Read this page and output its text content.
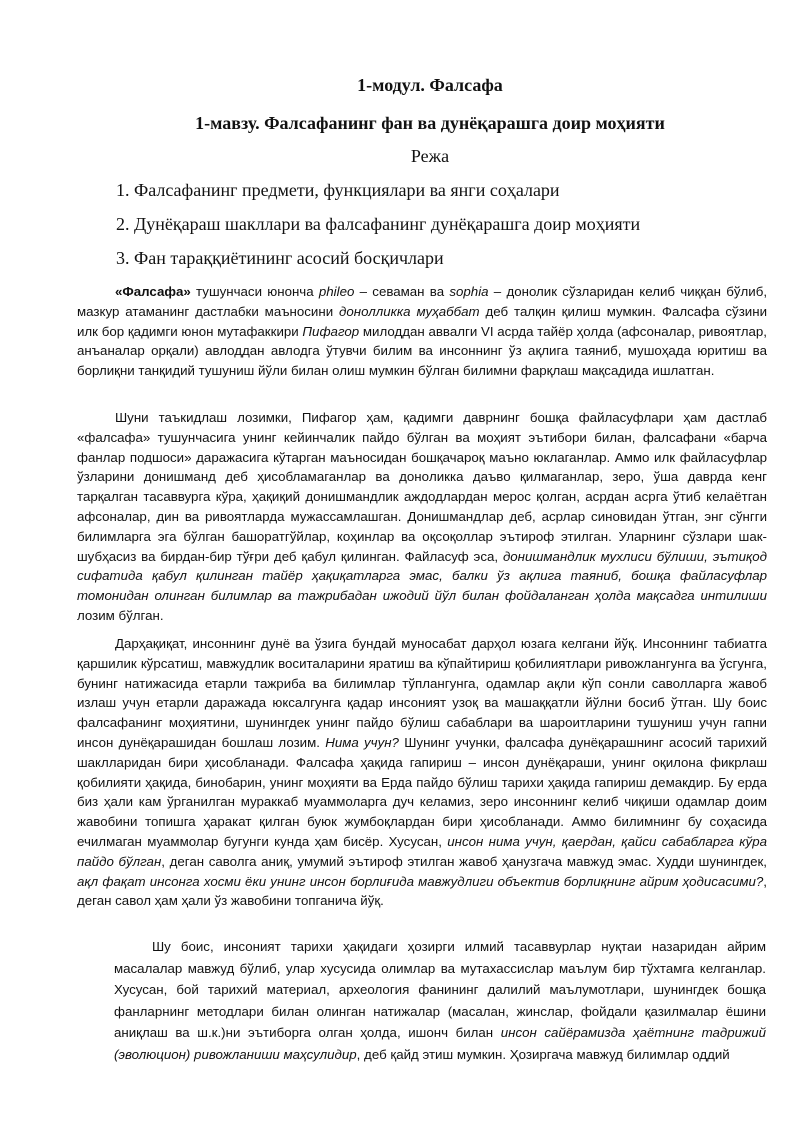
1-модул. Фалсафа
1-мавзу. Фалсафанинг фан ва дунёқарашга доир моҳияти
Режа
1. Фалсафанинг предмети, функциялари ва янги соҳалари
2. Дунёқараш шакллари ва фалсафанинг дунёқарашга доир моҳияти
3. Фан тараққиётининг асосий босқичлари

«Фалсафа» тушунчаси юнонча phileo – севаман ва sophia – донолик сўзларидан келиб чиққан бўлиб, мазкур атаманинг дастлабки маъносини донолликка муҳаббат деб талқин қилиш мумкин. Фалсафа сўзини илк бор қадимги юнон мутафаккири Пифагор милоддан аввалги VI асрда тайёр ҳолда (афсоналар, ривоятлар, анъаналар орқали) авлоддан авлодга ўтувчи билим ва инсоннинг ўз ақлига таяниб, мушоҳада юритиш ва борлиқни танқидий тушуниш йўли билан олиш мумкин бўлган билимни фарқлаш мақсадида ишлатган.

Шуни таъкидлаш лозимки, Пифагор ҳам, қадимги даврнинг бошқа файласуфлари ҳам дастлаб «фалсафа» тушунчасига унинг кейинчалик пайдо бўлган ва моҳият эътибори билан, фалсафани «барча фанлар подшоси» даражасига кўтарган маъносидан бошқачароқ маъно юклаганлар. Аммо илк файласуфлар ўзларини донишманд деб ҳисобламаганлар ва донoликка даъво қилмаганлар, зеро, ўша даврда кенг тарқалган тасаввурга кўра, ҳақиқий донишмандлик аждодлардан мерос қолган, асрдан асрга ўтиб келаётган афсоналар, дин ва ривоятларда мужассамлашган. Донишмандлар деб, асрлар синовидан ўтган, энг сўнгги билимларга эга бўлган башоратгўйлар, коҳинлар ва оқсоқоллар эътироф этилган. Уларнинг сўзлари шак-шубҳасиз ва бирдан-бир тўғри деб қабул қилинган. Файласуф эса, донишмандлик мухлиси бўлиши, эътиқод сифатида қабул қилинган тайёр ҳақиқатларга эмас, балки ўз ақлига таяниб, бошқа файласуфлар томонидан олинган билимлар ва тажрибадан ижодий йўл билан фойдаланган ҳолда мақсадга интилиши лозим бўлган.

Дарҳақиқат, инсоннинг дунё ва ўзига бундай муносабат дарҳол юзага келгани йўқ. Инсоннинг табиатга қаршилик кўрсатиш, мавжудлик воситаларини яратиш ва кўпайтириш қобилиятлари ривожлангунга ва ўсгунга, бунинг натижасида етарли тажриба ва билимлар тўплангунга, одамлар ақли кўп сонли саволларга жавоб излаш учун етарли даражада юксалгунга қадар инсоният узоқ ва машаққатли йўлни босиб ўтган. Шу боис фалсафанинг моҳиятини, шунингдек унинг пайдо бўлиш сабаблари ва шароитларини тушуниш учун гапни инсон дунёқарашидан бошлаш лозим. Нима учун? Шунинг учунки, фалсафа дунёқарашнинг асосий тарихий шаклларидан бири ҳисобланади. Фалсафа ҳақида гапириш – инсон дунёқараши, унинг оқилона фикрлаш қобилияти ҳақида, бинобарин, унинг моҳияти ва Ерда пайдо бўлиш тарихи ҳақида гапириш демакдир. Бу ерда биз ҳали кам ўрганилган мураккаб муаммоларга дуч келамиз, зеро инсоннинг келиб чиқиши одамлар доим жавобини топишга ҳаракат қилган буюк жумбоқлардан бири ҳисобланади. Аммо билимнинг бу соҳасида ечилмаган муаммолар бугунги кунда ҳам бисёр. Хусусан, инсон нима учун, қаердан, қайси сабабларга кўра пайдо бўлган, деган саволга аниқ, умумий эътироф этилган жавоб ҳанузгача мавжуд эмас. Худди шунингдек, ақл фақат инсонга хосми ёки унинг инсон борлиғида мавжудлиги объектив борлиқнинг айрим ҳодисасими?, деган савол ҳам ҳали ўз жавобини топганича йўқ.

Шу боис, инсоният тарихи ҳақидаги ҳозирги илмий тасаввурлар нуқтаи назаридан айрим масалалар мавжуд бўлиб, улар хусусида олимлар ва мутахассислар маълум бир тўхтамга келганлар. Хусусан, бой тарихий материал, археология фанининг далилий маълумотлари, шунингдек бошқа фанларнинг методлари билан олинган натижалар (масалан, жинслар, фойдали қазилмалар ёшини аниқлаш ва ш.к.)ни эътиборга олган ҳолда, ишонч билан инсон сайёрамизда ҳаётнинг тадрижий (эволюцион) ривожланиши маҳсулидир, деб қайд этиш мумкин. Ҳозиргача мавжуд билимлар оддий
